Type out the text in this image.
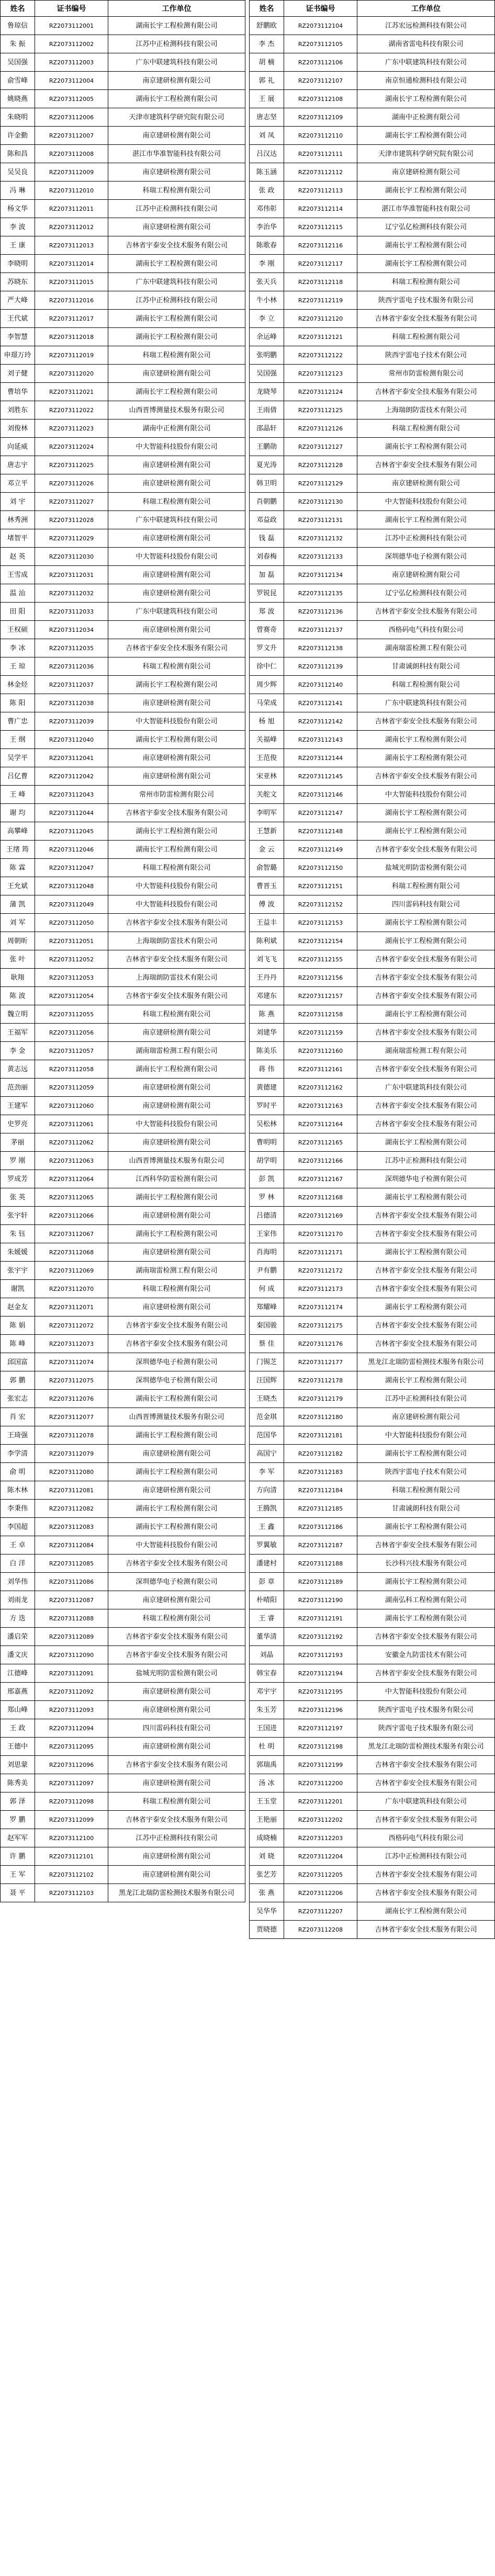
姓名	证书编号	工作单位
鲁琼信	RZ2073112001	湖南长宇工程检测有限公司
朱 振	RZ2073112002	江苏中正检测科技有限公司
吴国强	RZ2073112003	广东中联建筑科技有限公司
俞雪峰	RZ2073112004	南京建研检测有限公司
姚晓燕	RZ2073112005	湖南长宇工程检测有限公司
朱晓明	RZ2073112006	天津市建筑科学研究院有限公司
许金勤	RZ2073112007	南京建研检测有限公司
陈和昌	RZ2073112008	湛江市华准智能科技有限公司
吴吴良	RZ2073112009	南京建研检测有限公司
冯 琳	RZ2073112010	科瑞工程检测有限公司
杨文华	RZ2073112011	江苏中正检测科技有限公司
李 波	RZ2073112012	南京建研检测有限公司
王 康	RZ2073112013	吉林省宇泰安全技术服务有限公司
李晓明	RZ2073112014	湖南长宇工程检测有限公司
苏晓东	RZ2073112015	广东中联建筑科技有限公司
严大峰	RZ2073112016	江苏中正检测科技有限公司
王代斌	RZ2073112017	湖南长宇工程检测有限公司
李智慧	RZ2073112018	湖南长宇工程检测有限公司
申璟万玲	RZ2073112019	科瑞工程检测有限公司
刘子健	RZ2073112020	南京建研检测有限公司
曹培华	RZ2073112021	湖南长宇工程检测有限公司
刘胜东	RZ2073112022	山西晋博测量技术服务有限公司
刘俊林	RZ2073112023	湖南中正检测有限公司
向延威	RZ2073112024	中大智能科技股份有限公司
唐志宇	RZ2073112025	南京建研检测有限公司
邓立平	RZ2073112026	南京建研检测有限公司
刘 宇	RZ2073112027	科瑞工程检测有限公司
林秀洲	RZ2073112028	广东中联建筑科技有限公司
堵智平	RZ2073112029	南京建研检测有限公司
赵 英	RZ2073112030	中大智能科技股份有限公司
王雪成	RZ2073112031	南京建研检测有限公司
温 汕	RZ2073112032	南京建研检测有限公司
田 阳	RZ2073112033	广东中联建筑科技有限公司
王权硕	RZ2073112034	南京建研检测有限公司
李 冰	RZ2073112035	吉林省宇泰安全技术服务有限公司
王 琼	RZ2073112036	科瑞工程检测有限公司
林金烃	RZ2073112037	湖南长宇工程检测有限公司
陈 阳	RZ2073112038	南京建研检测有限公司
曹广忠	RZ2073112039	中大智能科技股份有限公司
王 纲	RZ2073112040	湖南长宇工程检测有限公司
吴学平	RZ2073112041	南京建研检测有限公司
吕亿曹	RZ2073112042	南京建研检测有限公司
王 峰	RZ2073112043	常州市防雷检测有限公司
谢 均	RZ2073112044	吉林省宇泰安全技术服务有限公司
高攀峰	RZ2073112045	湖南长宇工程检测有限公司
王绪 筠	RZ2073112046	湖南长宇工程检测有限公司
陈 霖	RZ2073112047	科瑞工程检测有限公司
王允斌	RZ2073112048	中大智能科技股份有限公司
蒲 凯	RZ2073112049	中大智能科技股份有限公司
刘 军	RZ2073112050	吉林省宇泰安全技术服务有限公司
周朝昕	RZ2073112051	上海瑞朗防雷技术有限公司
张 叶	RZ2073112052	吉林省宇泰安全技术服务有限公司
耿翔	RZ2073112053	上海瑞朗防雷技术有限公司
陈 波	RZ2073112054	吉林省宇泰安全技术服务有限公司
魏立明	RZ2073112055	科瑞工程检测有限公司
王福军	RZ2073112056	南京建研检测有限公司
李 金	RZ2073112057	湖南瑞雷检测工程有限公司
黄志远	RZ2073112058	湖南长宇工程检测有限公司
范劲丽	RZ2073112059	南京建研检测有限公司
王建军	RZ2073112060	南京建研检测有限公司
史罗亮	RZ2073112061	中大智能科技股份有限公司
茅丽	RZ2073112062	南京建研检测有限公司
罗 刚	RZ2073112063	山西晋博测量技术服务有限公司
罗成芳	RZ2073112064	江西科华防雷检测有限公司
张 英	RZ2073112065	湖南长宇工程检测有限公司
张宇轩	RZ2073112066	南京建研检测有限公司
朱 钰	RZ2073112067	湖南长宇工程检测有限公司
朱媛媛	RZ2073112068	南京建研检测有限公司
张宇宇	RZ2073112069	湖南瑞雷检测工程有限公司
谢凯	RZ2073112070	科瑞工程检测有限公司
赵金友	RZ2073112071	南京建研检测有限公司
陈 娟	RZ2073112072	吉林省宇泰安全技术服务有限公司
陈 峰	RZ2073112073	吉林省宇泰安全技术服务有限公司
邱国富	RZ2073112074	深圳德华电子检测有限公司
郭 鹏	RZ2073112075	深圳德华电子检测有限公司
张宏志	RZ2073112076	湖南长宇工程检测有限公司
肖 宏	RZ2073112077	山西晋博测量技术服务有限公司
王琦强	RZ2073112078	湖南长宇工程检测有限公司
李学清	RZ2073112079	南京建研检测有限公司
俞 明	RZ2073112080	湖南长宇工程检测有限公司
陈木林	RZ2073112081	南京建研检测有限公司
李秉伟	RZ2073112082	湖南长宇工程检测有限公司
李国超	RZ2073112083	湖南长宇工程检测有限公司
王 卓	RZ2073112084	中大智能科技股份有限公司
白 洋	RZ2073112085	吉林省宇泰安全技术服务有限公司
刘华伟	RZ2073112086	深圳德华电子检测有限公司
刘雨龙	RZ2073112087	南京建研检测有限公司
方 迭	RZ2073112088	科瑞工程检测有限公司
潘启荣	RZ2073112089	吉林省宇泰安全技术服务有限公司
潘文庆	RZ2073112090	吉林省宇泰安全技术服务有限公司
江德峰	RZ2073112091	盐城光明防雷检测有限公司
邢嘉燕	RZ2073112092	南京建研检测有限公司
郑山峰	RZ2073112093	南京建研检测有限公司
王 政	RZ2073112094	四川雷码科技有限公司
王德中	RZ2073112095	南京建研检测有限公司
刘思蒙	RZ2073112096	吉林省宇泰安全技术服务有限公司
陈秀美	RZ2073112097	南京建研检测有限公司
郭 泽	RZ2073112098	科瑞工程检测有限公司
罗 鹏	RZ2073112099	吉林省宇泰安全技术服务有限公司
赵军军	RZ2073112100	江苏中正检测科技有限公司
许 鹏	RZ2073112101	南京建研检测有限公司
王 军	RZ2073112102	南京建研检测有限公司
聂 平	RZ2073112103	黑龙江北瑞防雷检测技术服务有限公司
姓名	证书编号	工作单位
舒鹏欧	RZ2073112104	江苏宏远检测科技有限公司
李 杰	RZ2073112105	湖南省雷电科技有限公司
胡 楠	RZ2073112106	广东中联建筑科技有限公司
郭 礼	RZ2073112107	南京恒通检测科技有限公司
王 展	RZ2073112108	湖南长宇工程检测有限公司
唐志坚	RZ2073112109	湖南中正检测有限公司
刘 凤	RZ2073112110	湖南长宇工程检测有限公司
吕汉达	RZ2073112111	天津市建筑科学研究院有限公司
陈玉涵	RZ2073112112	南京建研检测有限公司
张 政	RZ2073112113	湖南长宇工程检测有限公司
邓伟彰	RZ2073112114	湛江市华准智能科技有限公司
李治华	RZ2073112115	辽宁弘亿检测科技有限公司
陈歌春	RZ2073112116	湖南长宇工程检测有限公司
李 刚	RZ2073112117	湖南长宇工程检测有限公司
张天兵	RZ2073112118	科瑞工程检测有限公司
牛小林	RZ2073112119	陕西宇雷电子技术服务有限公司
李 立	RZ2073112120	吉林省宇泰安全技术服务有限公司
余运峰	RZ2073112121	科瑞工程检测有限公司
张明鹏	RZ2073112122	陕西宇雷电子技术有限公司
吴国强	RZ2073112123	常州市防雷检测有限公司
龙晓琴	RZ2073112124	吉林省宇泰安全技术服务有限公司
王雨倩	RZ2073112125	上海瑞朗防雷技术有限公司
邵晶轩	RZ2073112126	科瑞工程检测有限公司
王鹏勋	RZ2073112127	湖南长宇工程检测有限公司
夏光涛	RZ2073112128	吉林省宇泰安全技术服务有限公司
韩卫明	RZ2073112129	南京建研检测有限公司
肖朝鹏	RZ2073112130	中大智能科技股份有限公司
邓益政	RZ2073112131	湖南长宇工程检测有限公司
钱 磊	RZ2073112132	江苏中正检测科技有限公司
刘春梅	RZ2073112133	深圳德华电子检测有限公司
加 磊	RZ2073112134	南京建研检测有限公司
罗锐昆	RZ2073112135	辽宁弘亿检测科技有限公司
郑 波	RZ2073112136	吉林省宇泰安全技术服务有限公司
曾赛奇	RZ2073112137	西格码电气科技有限公司
罗文升	RZ2073112138	湖南瑞雷检测工程有限公司
徐中仁	RZ2073112139	甘肃诚朗科技有限公司
周少辉	RZ2073112140	科瑞工程检测有限公司
马荣成	RZ2073112141	广东中联建筑科技有限公司
杨 旭	RZ2073112142	吉林省宇泰安全技术服务有限公司
关福峰	RZ2073112143	湖南长宇工程检测有限公司
王范俊	RZ2073112144	湖南长宇工程检测有限公司
宋亚林	RZ2073112145	吉林省宇泰安全技术服务有限公司
关舵文	RZ2073112146	中大智能科技股份有限公司
李明军	RZ2073112147	湖南长宇工程检测有限公司
王慧新	RZ2073112148	湖南长宇工程检测有限公司
金 云	RZ2073112149	吉林省宇泰安全技术服务有限公司
俞智璐	RZ2073112150	盐城光明防雷检测有限公司
曹晋玉	RZ2073112151	科瑞工程检测有限公司
傅 波	RZ2073112152	四川雷码科技有限公司
王益丰	RZ2073112153	湖南长宇工程检测有限公司
陈利斌	RZ2073112154	湖南长宇工程检测有限公司
刘飞飞	RZ2073112155	吉林省宇泰安全技术服务有限公司
王丹丹	RZ2073112156	吉林省宇泰安全技术服务有限公司
邓建东	RZ2073112157	吉林省宇泰安全技术服务有限公司
陈 燕	RZ2073112158	湖南长宇工程检测有限公司
刘建华	RZ2073112159	吉林省宇泰安全技术服务有限公司
陈美乐	RZ2073112160	湖南瑞雷检测工程有限公司
蒋 伟	RZ2073112161	吉林省宇泰安全技术服务有限公司
黄德建	RZ2073112162	广东中联建筑科技有限公司
罗时平	RZ2073112163	吉林省宇泰安全技术服务有限公司
吴松林	RZ2073112164	吉林省宇泰安全技术服务有限公司
曹明明	RZ2073112165	湖南长宇工程检测有限公司
胡学明	RZ2073112166	江苏中正检测科技有限公司
彭 凯	RZ2073112167	深圳德华电子检测有限公司
罗 林	RZ2073112168	湖南长宇工程检测有限公司
吕德清	RZ2073112169	吉林省宇泰安全技术服务有限公司
王家伟	RZ2073112170	吉林省宇泰安全技术服务有限公司
肖海明	RZ2073112171	湖南长宇工程检测有限公司
尹有鹏	RZ2073112172	吉林省宇泰安全技术服务有限公司
何 成	RZ2073112173	吉林省宇泰安全技术服务有限公司
郑耀峰	RZ2073112174	湖南长宇工程检测有限公司
秦国骏	RZ2073112175	吉林省宇泰安全技术服务有限公司
蔡 佳	RZ2073112176	吉林省宇泰安全技术服务有限公司
门锡芝	RZ2073112177	黑龙江北瑞防雷检测技术服务有限公司
汪国辉	RZ2073112178	湖南长宇工程检测有限公司
王晓杰	RZ2073112179	江苏中正检测科技有限公司
范金琪	RZ2073112180	南京建研检测有限公司
范国华	RZ2073112181	中大智能科技股份有限公司
高国宁	RZ2073112182	湖南长宇工程检测有限公司
李 军	RZ2073112183	陕西宇雷电子技术有限公司
方向清	RZ2073112184	科瑞工程检测有限公司
王腾凯	RZ2073112185	甘肃诚朗科技有限公司
王 鑫	RZ2073112186	湖南长宇工程检测有限公司
罗翼敏	RZ2073112187	吉林省宇泰安全技术服务有限公司
潘建村	RZ2073112188	长沙科兴技术服务有限公司
彭 章	RZ2073112189	湖南长宇工程检测有限公司
朴晴阳	RZ2073112190	湖南弘科工程检测有限公司
王 睿	RZ2073112191	湖南长宇工程检测有限公司
董华清	RZ2073112192	吉林省宇泰安全技术服务有限公司
刘晶	RZ2073112193	安徽金九防雷技术有限公司
韩宝春	RZ2073112194	吉林省宇泰安全技术服务有限公司
邓宇宇	RZ2073112195	中大智能科技股份有限公司
朱玉芳	RZ2073112196	陕西宇雷电子技术服务有限公司
王国进	RZ2073112197	陕西宇雷电子技术服务有限公司
杜 明	RZ2073112198	黑龙江北瑞防雷检测技术服务有限公司
郭瑞禹	RZ2073112199	吉林省宇泰安全技术服务有限公司
汤 冰	RZ2073112200	吉林省宇泰安全技术服务有限公司
王玉堂	RZ2073112201	广东中联建筑科技有限公司
王艳丽	RZ2073112202	吉林省宇泰安全技术服务有限公司
成晓楠	RZ2073112203	西格码电气科技有限公司
刘 晓	RZ2073112204	江苏中正检测科技有限公司
张艺芳	RZ2073112205	吉林省宇泰安全技术服务有限公司
张 燕	RZ2073112206	吉林省宇泰安全技术服务有限公司
吴华华	RZ2073112207	湖南长宇工程检测有限公司
贾晓德	RZ2073112208	吉林省宇泰安全技术服务有限公司
